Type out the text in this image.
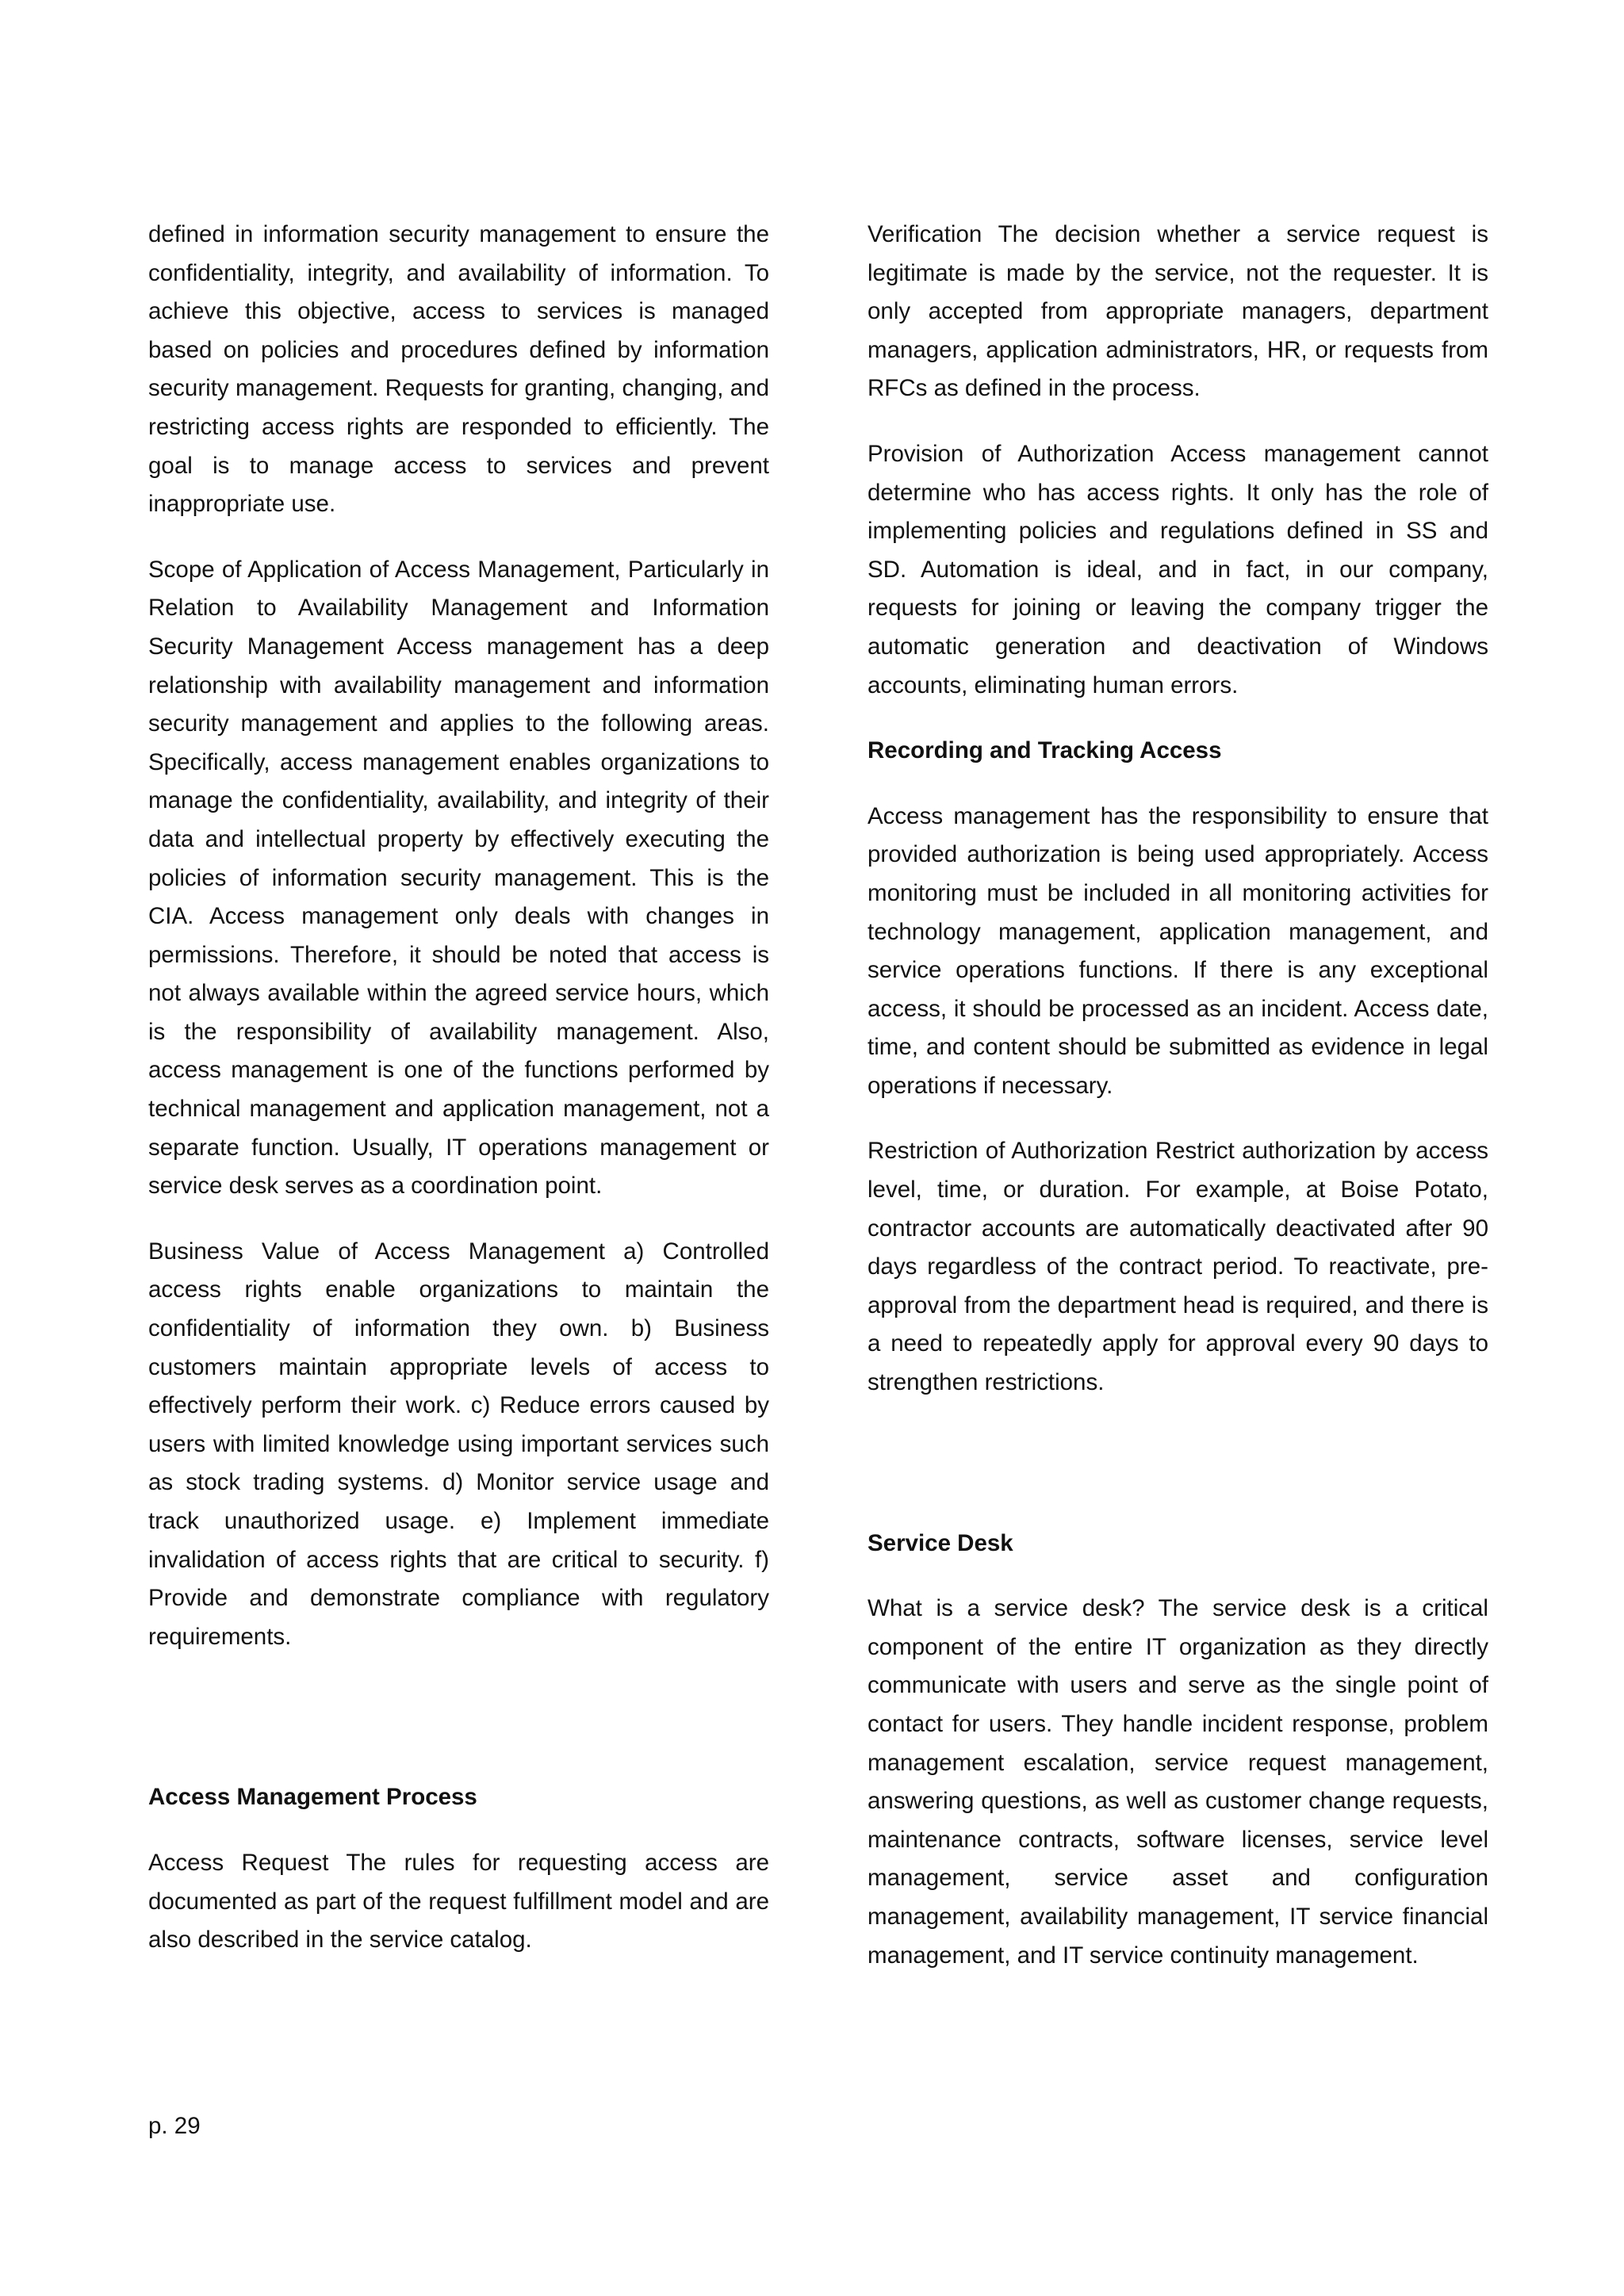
defined in information security management to ensure the confidentiality, integrity, and availability of information. To achieve this objective, access to services is managed based on policies and procedures defined by information security management. Requests for granting, changing, and restricting access rights are responded to efficiently. The goal is to manage access to services and prevent inappropriate use.

Scope of Application of Access Management, Particularly in Relation to Availability Management and Information Security Management Access management has a deep relationship with availability management and information security management and applies to the following areas. Specifically, access management enables organizations to manage the confidentiality, availability, and integrity of their data and intellectual property by effectively executing the policies of information security management. This is the CIA. Access management only deals with changes in permissions. Therefore, it should be noted that access is not always available within the agreed service hours, which is the responsibility of availability management. Also, access management is one of the functions performed by technical management and application management, not a separate function. Usually, IT operations management or service desk serves as a coordination point.

Business Value of Access Management a) Controlled access rights enable organizations to maintain the confidentiality of information they own. b) Business customers maintain appropriate levels of access to effectively perform their work. c) Reduce errors caused by users with limited knowledge using important services such as stock trading systems. d) Monitor service usage and track unauthorized usage. e) Implement immediate invalidation of access rights that are critical to security. f) Provide and demonstrate compliance with regulatory requirements.

Access Management Process

Access Request The rules for requesting access are documented as part of the request fulfillment model and are also described in the service catalog.

Verification The decision whether a service request is legitimate is made by the service, not the requester. It is only accepted from appropriate managers, department managers, application administrators, HR, or requests from RFCs as defined in the process.

Provision of Authorization Access management cannot determine who has access rights. It only has the role of implementing policies and regulations defined in SS and SD. Automation is ideal, and in fact, in our company, requests for joining or leaving the company trigger the automatic generation and deactivation of Windows accounts, eliminating human errors.

Recording and Tracking Access

Access management has the responsibility to ensure that provided authorization is being used appropriately. Access monitoring must be included in all monitoring activities for technology management, application management, and service operations functions. If there is any exceptional access, it should be processed as an incident. Access date, time, and content should be submitted as evidence in legal operations if necessary.

Restriction of Authorization Restrict authorization by access level, time, or duration. For example, at Boise Potato, contractor accounts are automatically deactivated after 90 days regardless of the contract period. To reactivate, pre-approval from the department head is required, and there is a need to repeatedly apply for approval every 90 days to strengthen restrictions.

Service Desk

What is a service desk? The service desk is a critical component of the entire IT organization as they directly communicate with users and serve as the single point of contact for users. They handle incident response, problem management escalation, service request management, answering questions, as well as customer change requests, maintenance contracts, software licenses, service level management, service asset and configuration management, availability management, IT service financial management, and IT service continuity management.

p. 29
